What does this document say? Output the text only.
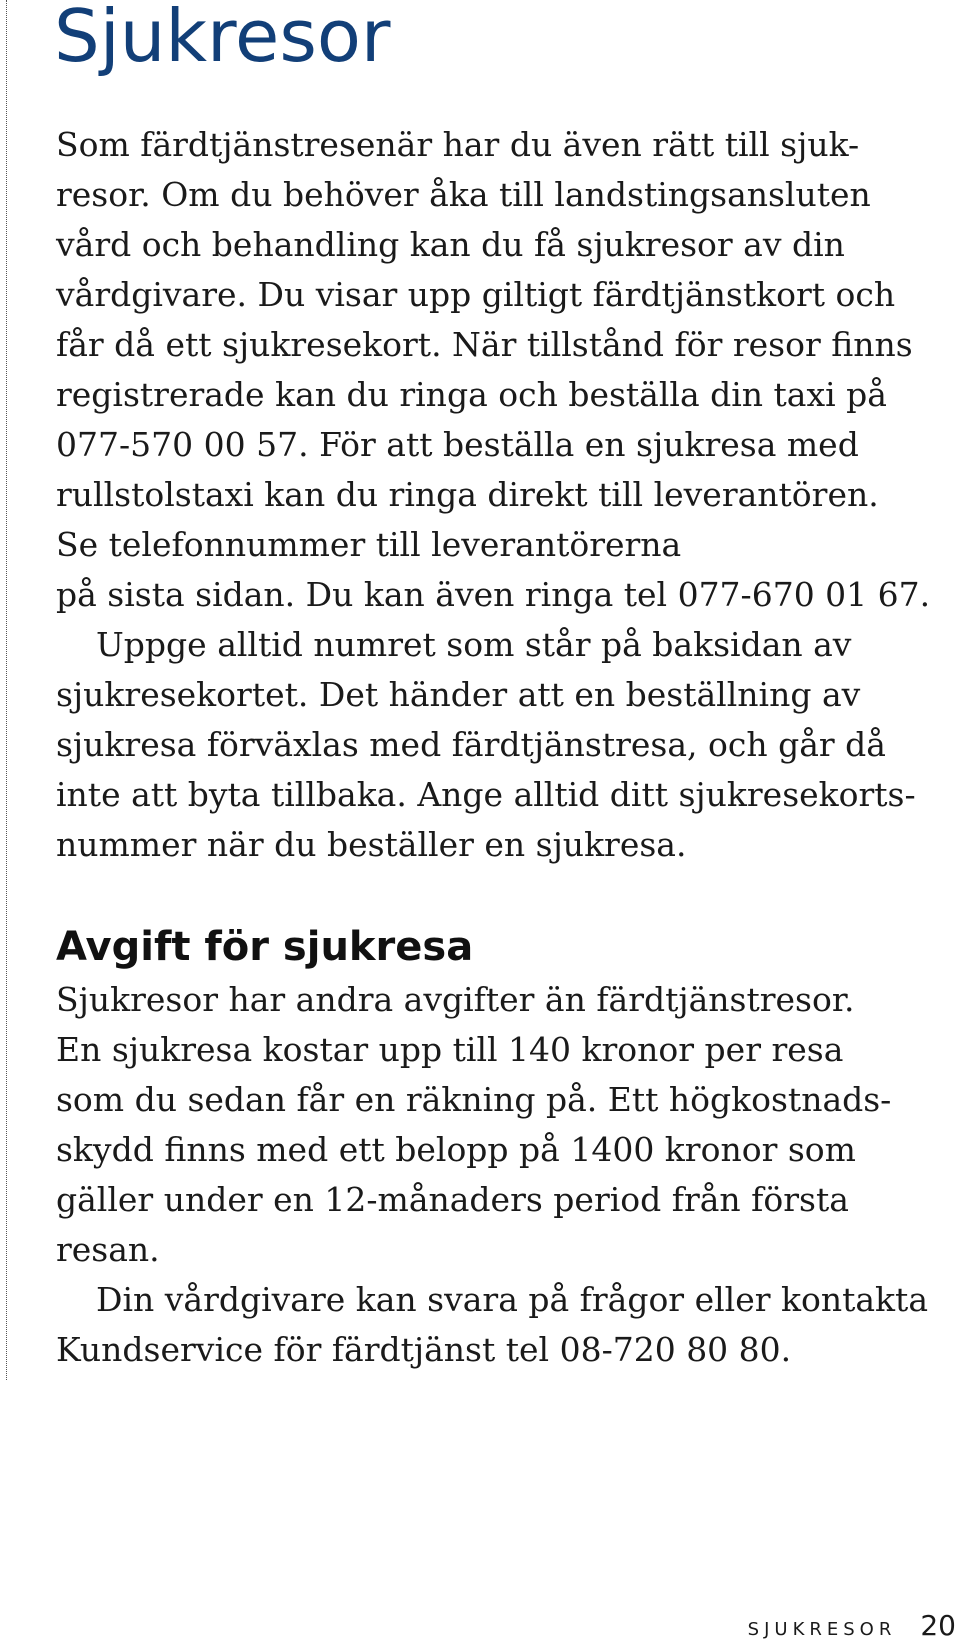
Sjukresor
Som färdtjänstresenär har du även rätt till sjuk-
resor. Om du behöver åka till landstingsansluten
vård och behandling kan du få sjukresor av din
vårdgivare. Du visar upp giltigt färdtjänstkort och
får då ett sjukresekort. När tillstånd för resor finns
registrerade kan du ringa och beställa din taxi på
077-570 00 57. För att beställa en sjukresa med
rullstolstaxi kan du ringa direkt till leverantören.
Se telefonnummer till leverantörerna
på sista sidan. Du kan även ringa tel 077-670 01 67.
Uppge alltid numret som står på baksidan av
sjukresekortet. Det händer att en beställning av
sjukresa förväxlas med färdtjänstresa, och går då
inte att byta tillbaka. Ange alltid ditt sjukresekorts-
nummer när du beställer en sjukresa.
Avgift för sjukresa
Sjukresor har andra avgifter än färdtjänstresor.
En sjukresa kostar upp till 140 kronor per resa
som du sedan får en räkning på. Ett högkostnads-
skydd finns med ett belopp på 1400 kronor som
gäller under en 12-månaders period från första
resan.
Din vårdgivare kan svara på frågor eller kontakta
Kundservice för färdtjänst tel 08-720 80 80.
SJUKRESOR 20
